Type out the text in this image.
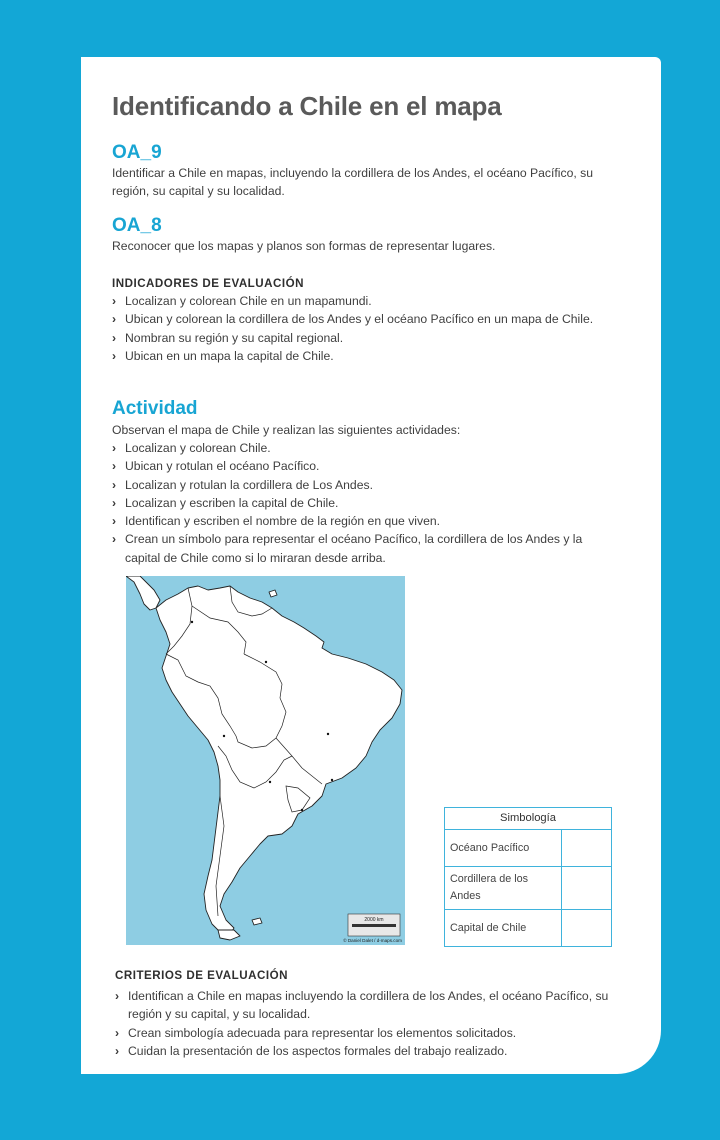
Identificando a Chile en el mapa
OA_9

Identificar a Chile en mapas, incluyendo la cordillera de los Andes, el océano Pacífico, su región, su capital y su localidad.

OA_8

Reconocer que los mapas y planos son formas de representar lugares.

INDICADORES DE EVALUACIÓN
› Localizan y colorean Chile en un mapamundi.
› Ubican y colorean la cordillera de los Andes y el océano Pacífico en un mapa de Chile.
› Nombran su región y su capital regional.
› Ubican en un mapa la capital de Chile.
Actividad

Observan el mapa de Chile y realizan las siguientes actividades:

› Localizan y colorean Chile.
› Ubican y rotulan el océano Pacífico.
› Localizan y rotulan la cordillera de Los Andes.
› Localizan y escriben la capital de Chile.
› Identifican y escriben el nombre de la región en que viven.
› Crean un símbolo para representar el océano Pacífico, la cordillera de los Andes y la capital de Chile como si lo miraran desde arriba.
2000 km
© Daniel Dalet / d-maps.com
Simbología	
Océano Pacífico	
Cordillera de los Andes	
Capital de Chile	
CRITERIOS DE EVALUACIÓN
› Identifican a Chile en mapas incluyendo la cordillera de los Andes, el océano Pacífico, su región y su capital, y su localidad.
› Crean simbología adecuada para representar los elementos solicitados.
› Cuidan la presentación de los aspectos formales del trabajo realizado.
